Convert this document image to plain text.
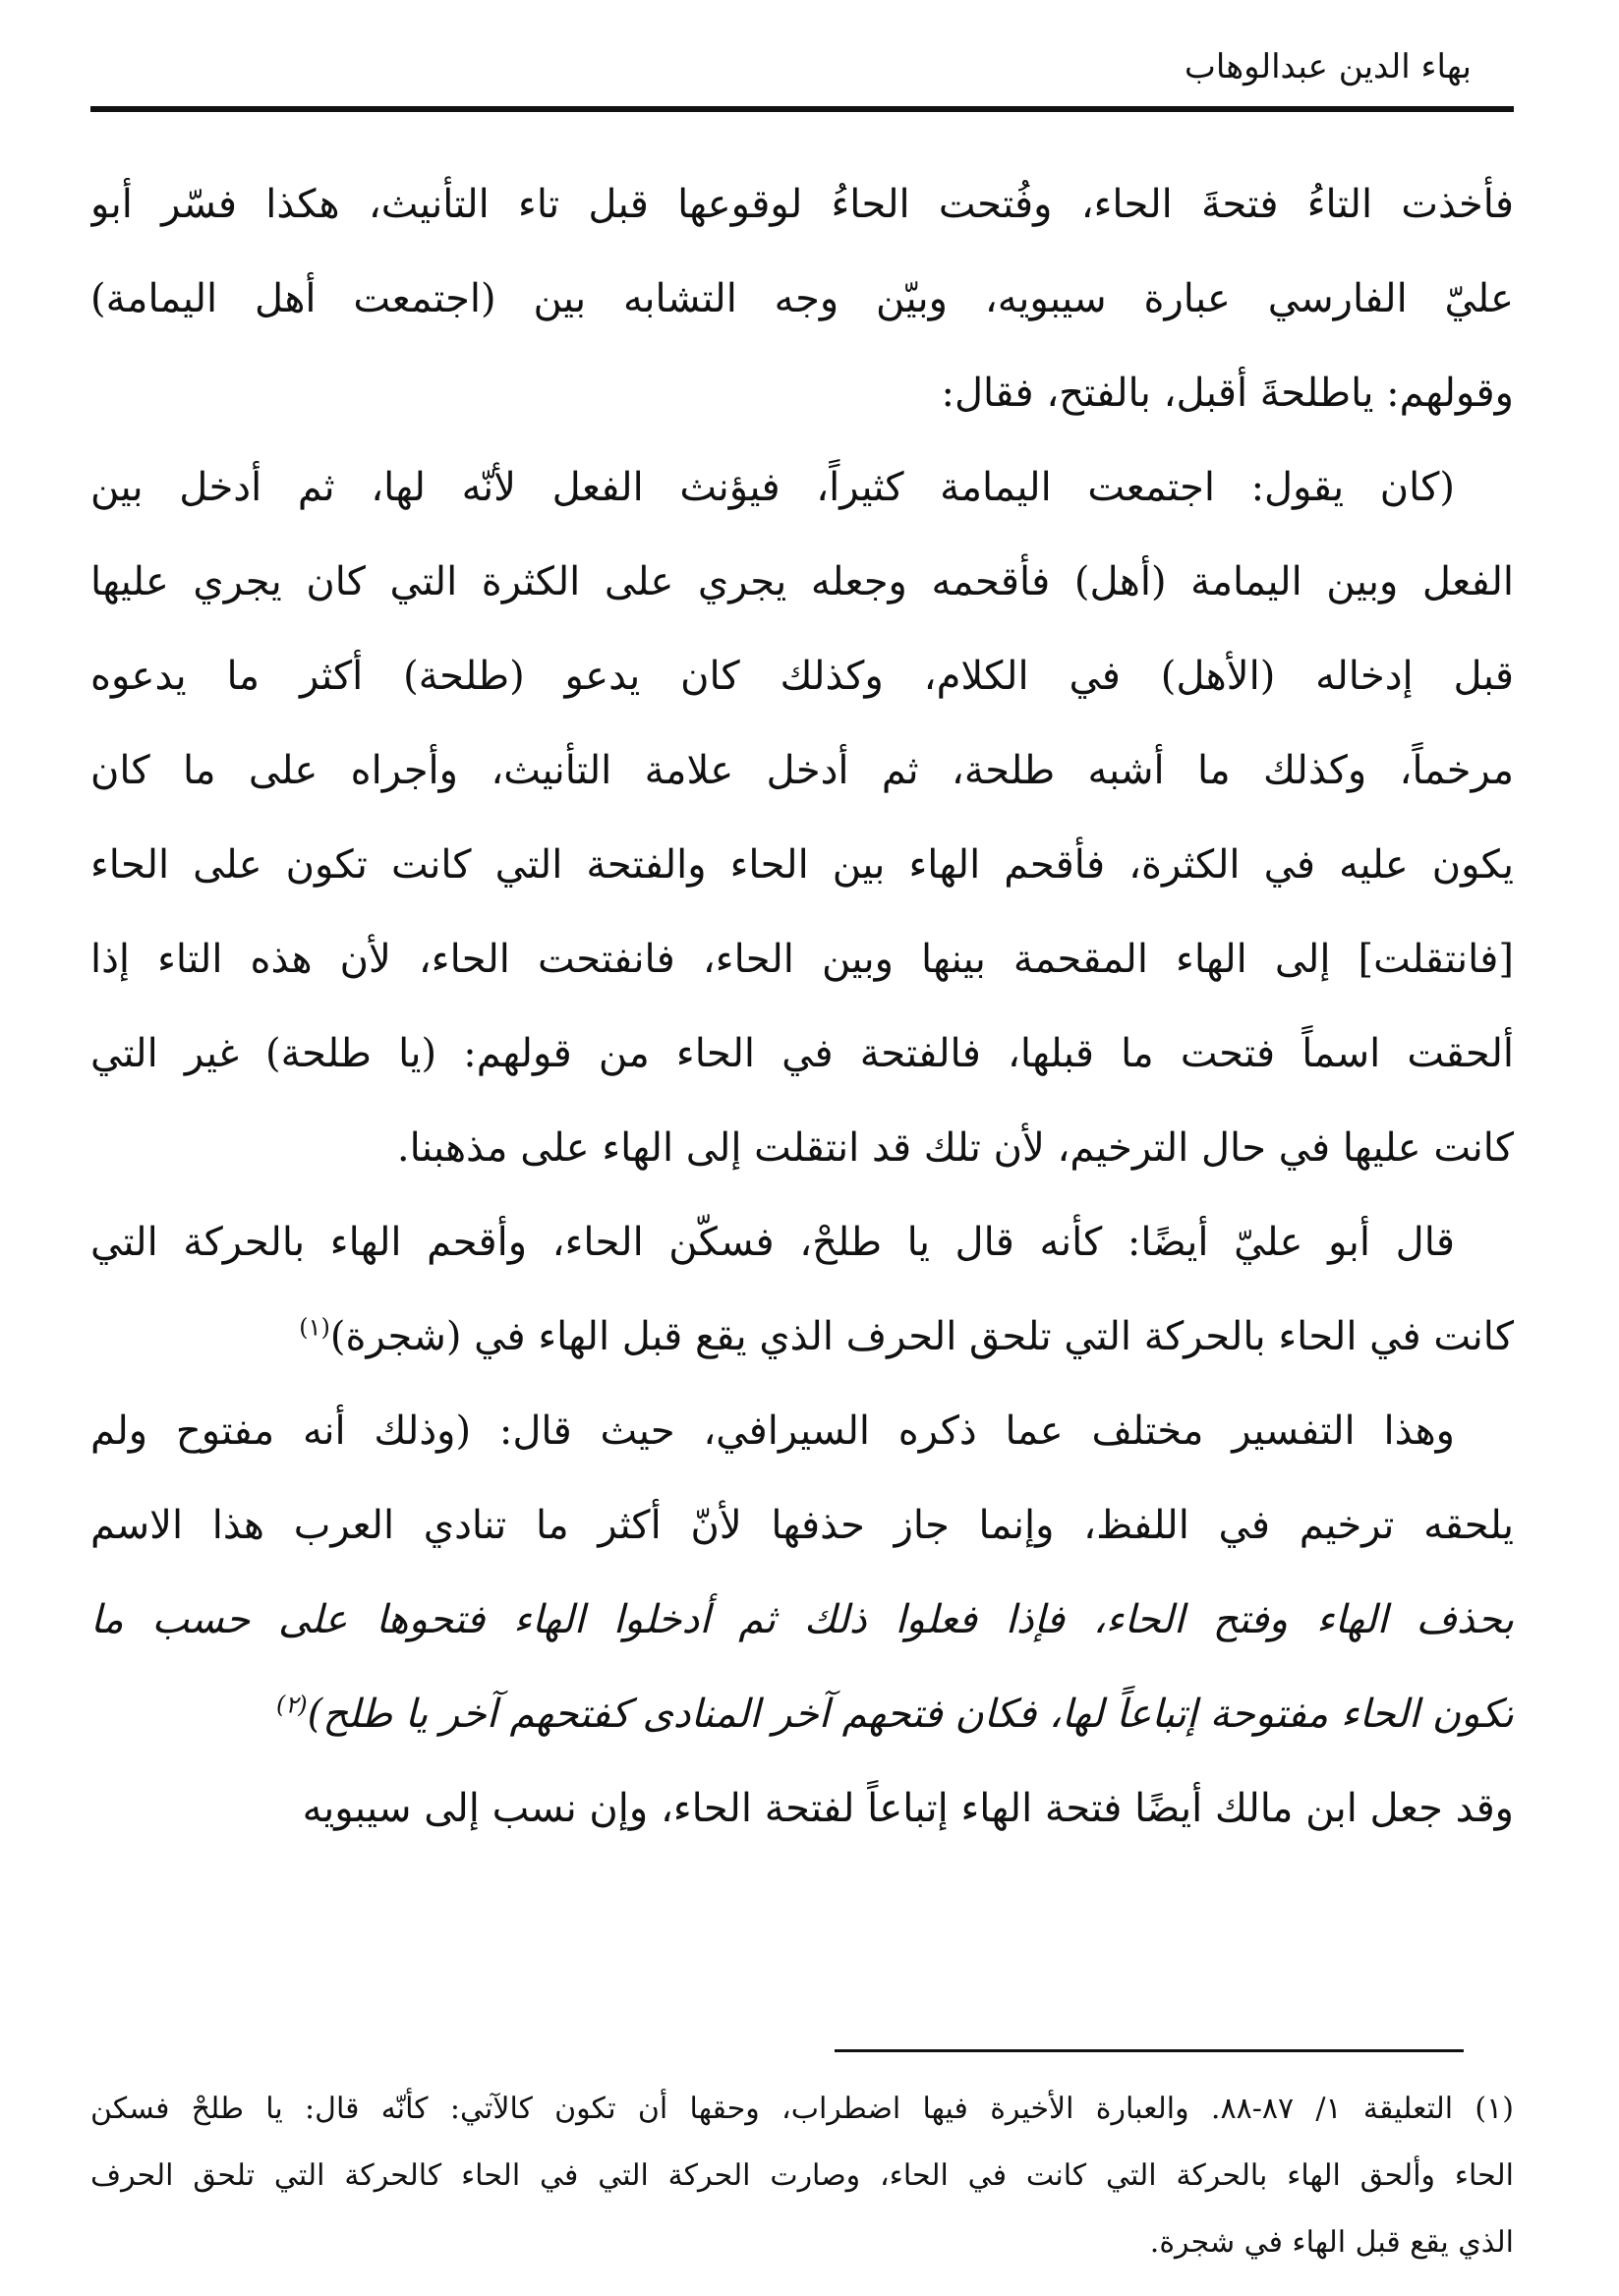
بهاء الدين عبدالوهاب
فأخذت التاءُ فتحةَ الحاء، وفُتحت الحاءُ لوقوعها قبل تاء التأنيث، هكذا فسّر أبو
عليّ الفارسي عبارة سيبويه، وبيّن وجه التشابه بين (اجتمعت أهل اليمامة)
وقولهم: ياطلحةَ أقبل، بالفتح، فقال:
(كان يقول: اجتمعت اليمامة كثيراً، فيؤنث الفعل لأنّه لها، ثم أدخل بين
الفعل وبين اليمامة (أهل) فأقحمه وجعله يجري على الكثرة التي كان يجري عليها
قبل إدخاله (الأهل) في الكلام، وكذلك كان يدعو (طلحة) أكثر ما يدعوه
مرخماً، وكذلك ما أشبه طلحة، ثم أدخل علامة التأنيث، وأجراه على ما كان
يكون عليه في الكثرة، فأقحم الهاء بين الحاء والفتحة التي كانت تكون على الحاء
[فانتقلت] إلى الهاء المقحمة بينها وبين الحاء، فانفتحت الحاء، لأن هذه التاء إذا
ألحقت اسماً فتحت ما قبلها، فالفتحة في الحاء من قولهم: (يا طلحة) غير التي
كانت عليها في حال الترخيم، لأن تلك قد انتقلت إلى الهاء على مذهبنا.
قال أبو عليّ أيضًا: كأنه قال يا طلحْ، فسكّن الحاء، وأقحم الهاء بالحركة التي
كانت في الحاء بالحركة التي تلحق الحرف الذي يقع قبل الهاء في (شجرة)$^{(١)}$
وهذا التفسير مختلف عما ذكره السيرافي، حيث قال: (وذلك أنه مفتوح ولم
يلحقه ترخيم في اللفظ، وإنما جاز حذفها لأنّ أكثر ما تنادي العرب هذا الاسم
بحذف الهاء وفتح الحاء، فإذا فعلوا ذلك ثم أدخلوا الهاء فتحوها على حسب ما
تكون الحاء مفتوحة إتباعاً لها، فكان فتحهم آخر المنادى كفتحهم آخر يا طلح)$^{(٢)}$
وقد جعل ابن مالك أيضًا فتحة الهاء إتباعاً لفتحة الحاء، وإن نسب إلى سيبويه
(١) التعليقة ١/ ٨٧-٨٨. والعبارة الأخيرة فيها اضطراب، وحقها أن تكون كالآتي: كأنّه قال: يا طلحْ فسكن
الحاء وألحق الهاء بالحركة التي كانت في الحاء، وصارت الحركة التي في الحاء كالحركة التي تلحق الحرف
الذي يقع قبل الهاء في شجرة.
